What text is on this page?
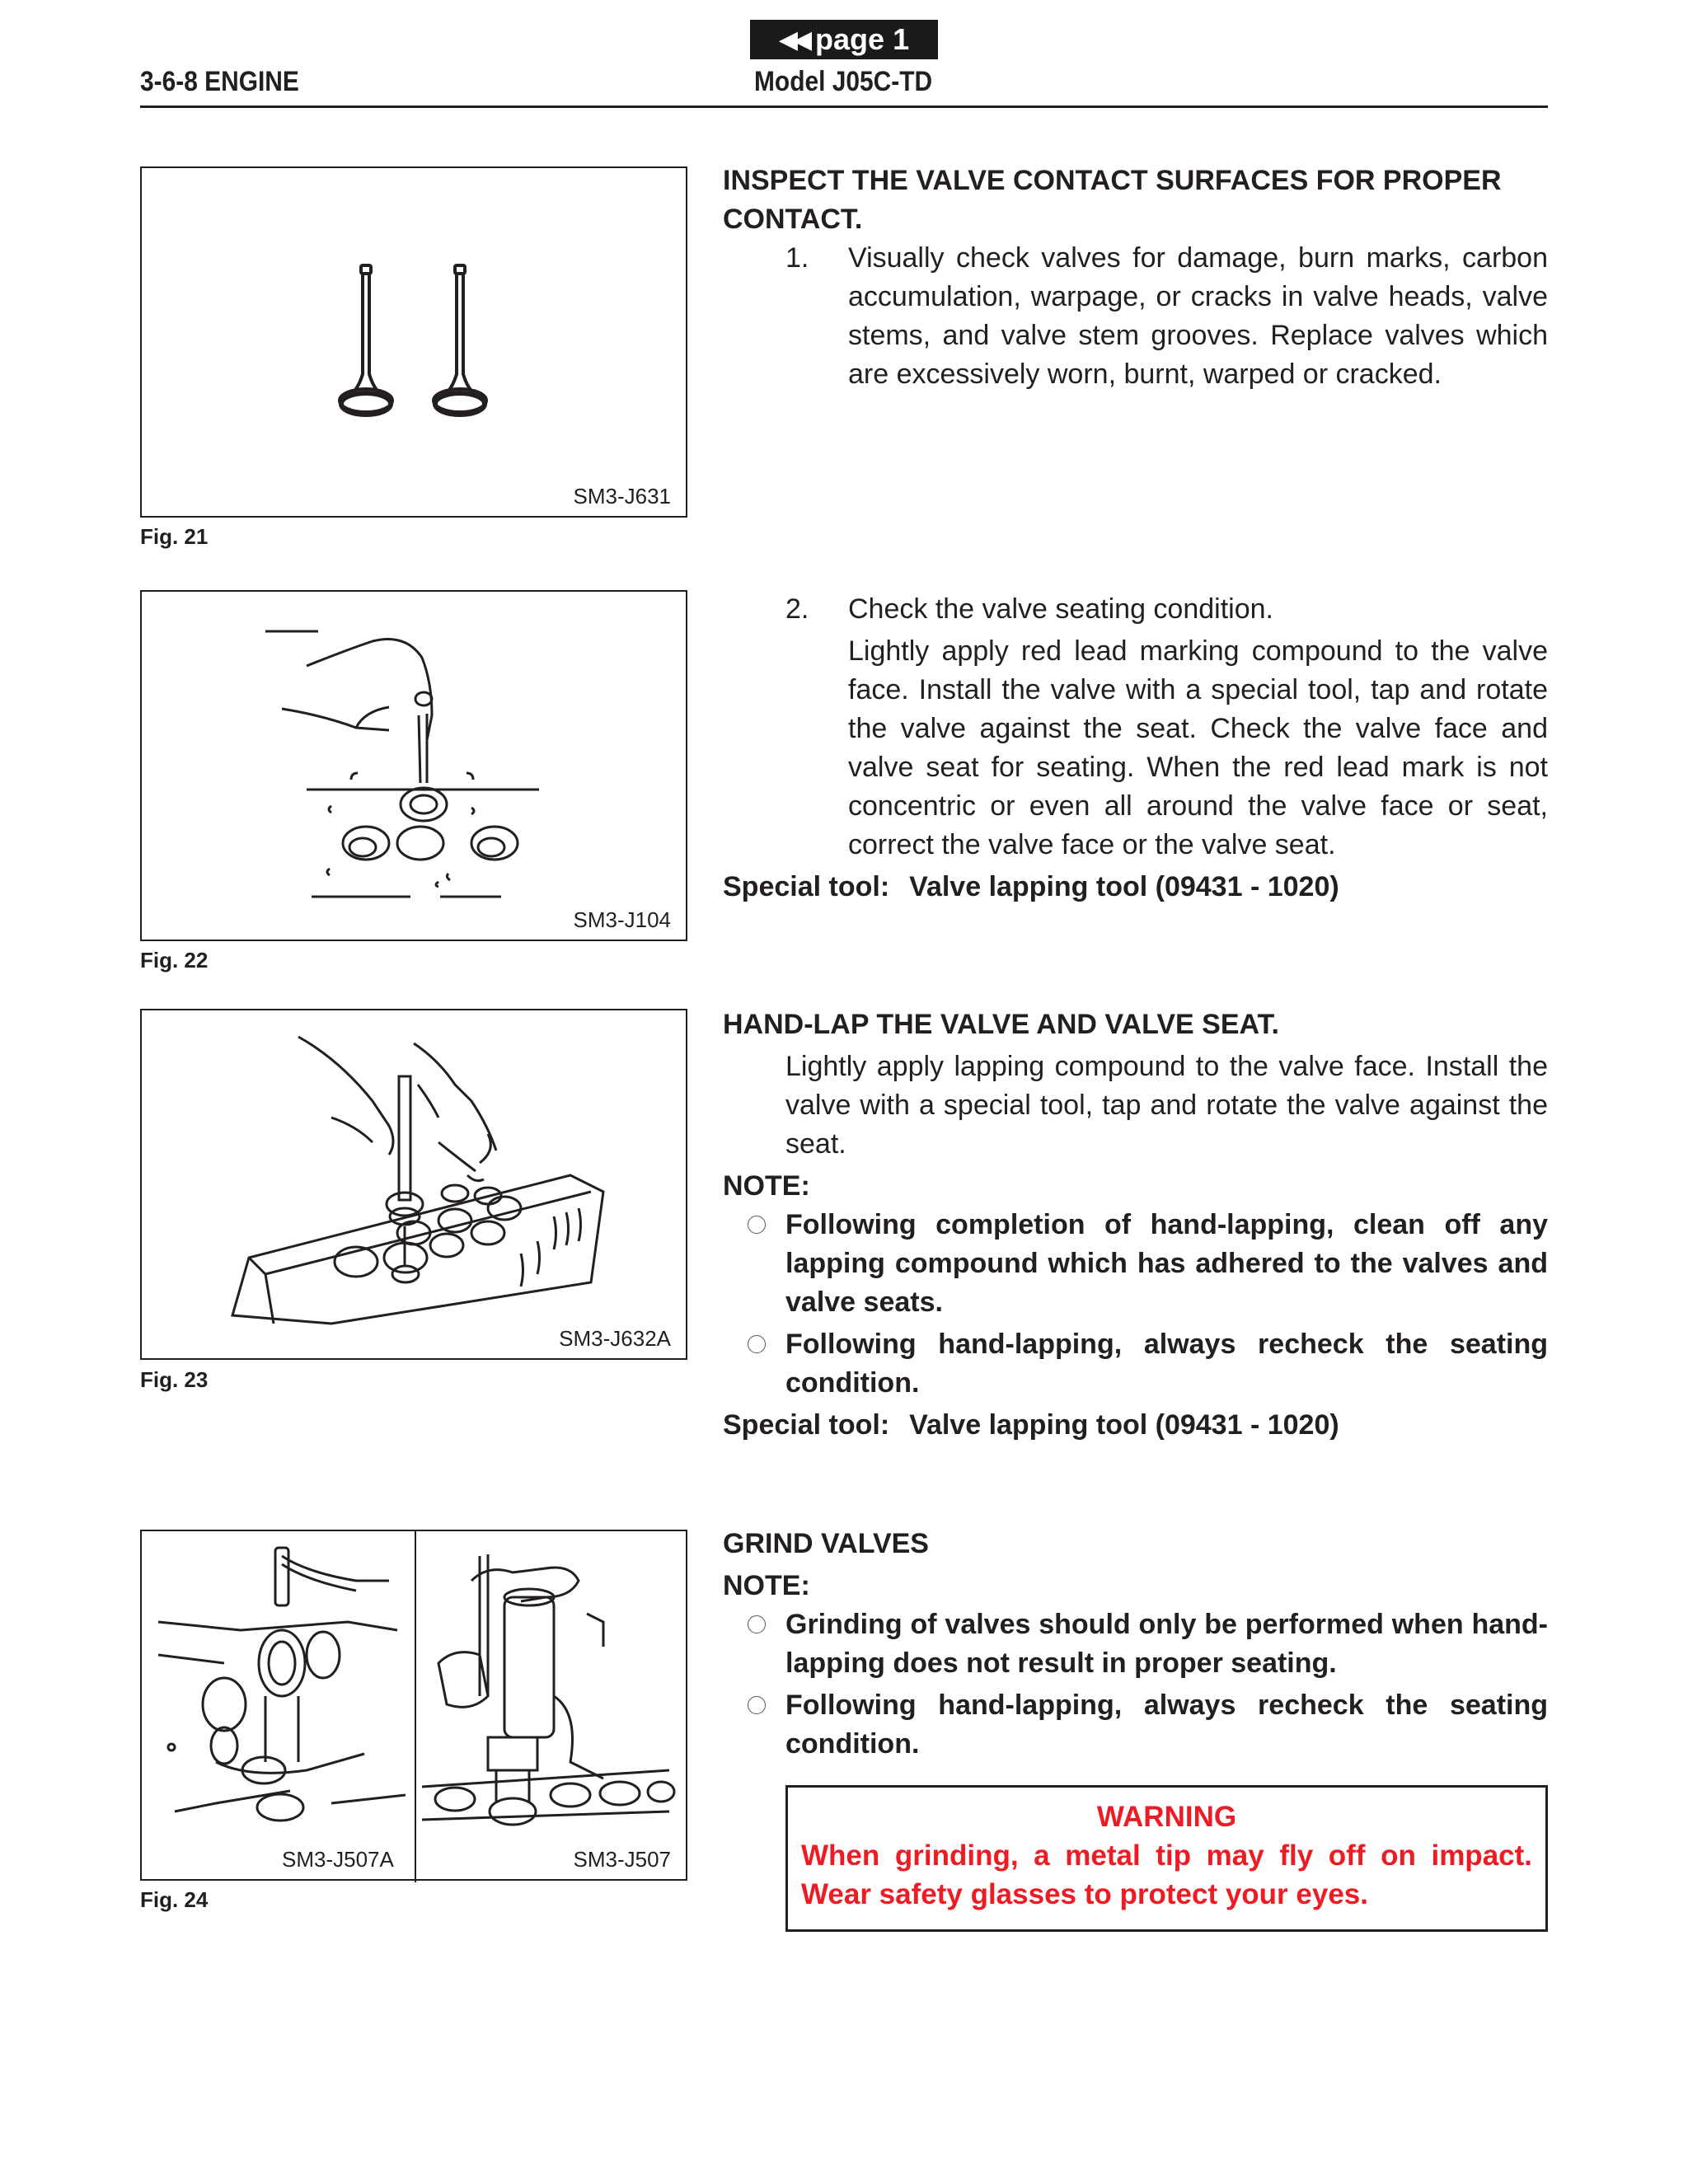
◀◀ page 1
3-6-8 ENGINE	Model J05C-TD
SM3-J631
Fig. 21
SM3-J104
Fig. 22
SM3-J632A
Fig. 23
SM3-J507A	SM3-J507
Fig. 24
INSPECT THE VALVE CONTACT SURFACES FOR PROPER CONTACT.
1.	Visually check valves for damage, burn marks, carbon accumulation, warpage, or cracks in valve heads, valve stems, and valve stem grooves. Replace valves which are excessively worn, burnt, warped or cracked.
2.	Check the valve seating condition.
Lightly apply red lead marking compound to the valve face. Install the valve with a special tool, tap and rotate the valve against the seat. Check the valve face and valve seat for seating. When the red lead mark is not concentric or even all around the valve face or seat, correct the valve face or the valve seat.
Special tool: Valve lapping tool (09431 - 1020)
HAND-LAP THE VALVE AND VALVE SEAT.
Lightly apply lapping compound to the valve face. Install the valve with a special tool, tap and rotate the valve against the seat.
NOTE:
Following completion of hand-lapping, clean off any lapping compound which has adhered to the valves and valve seats.
Following hand-lapping, always recheck the seating condition.
Special tool: Valve lapping tool (09431 - 1020)
GRIND VALVES
NOTE:
Grinding of valves should only be performed when hand-lapping does not result in proper seating.
Following hand-lapping, always recheck the seating condition.
WARNING
When grinding, a metal tip may fly off on impact. Wear safety glasses to protect your eyes.
